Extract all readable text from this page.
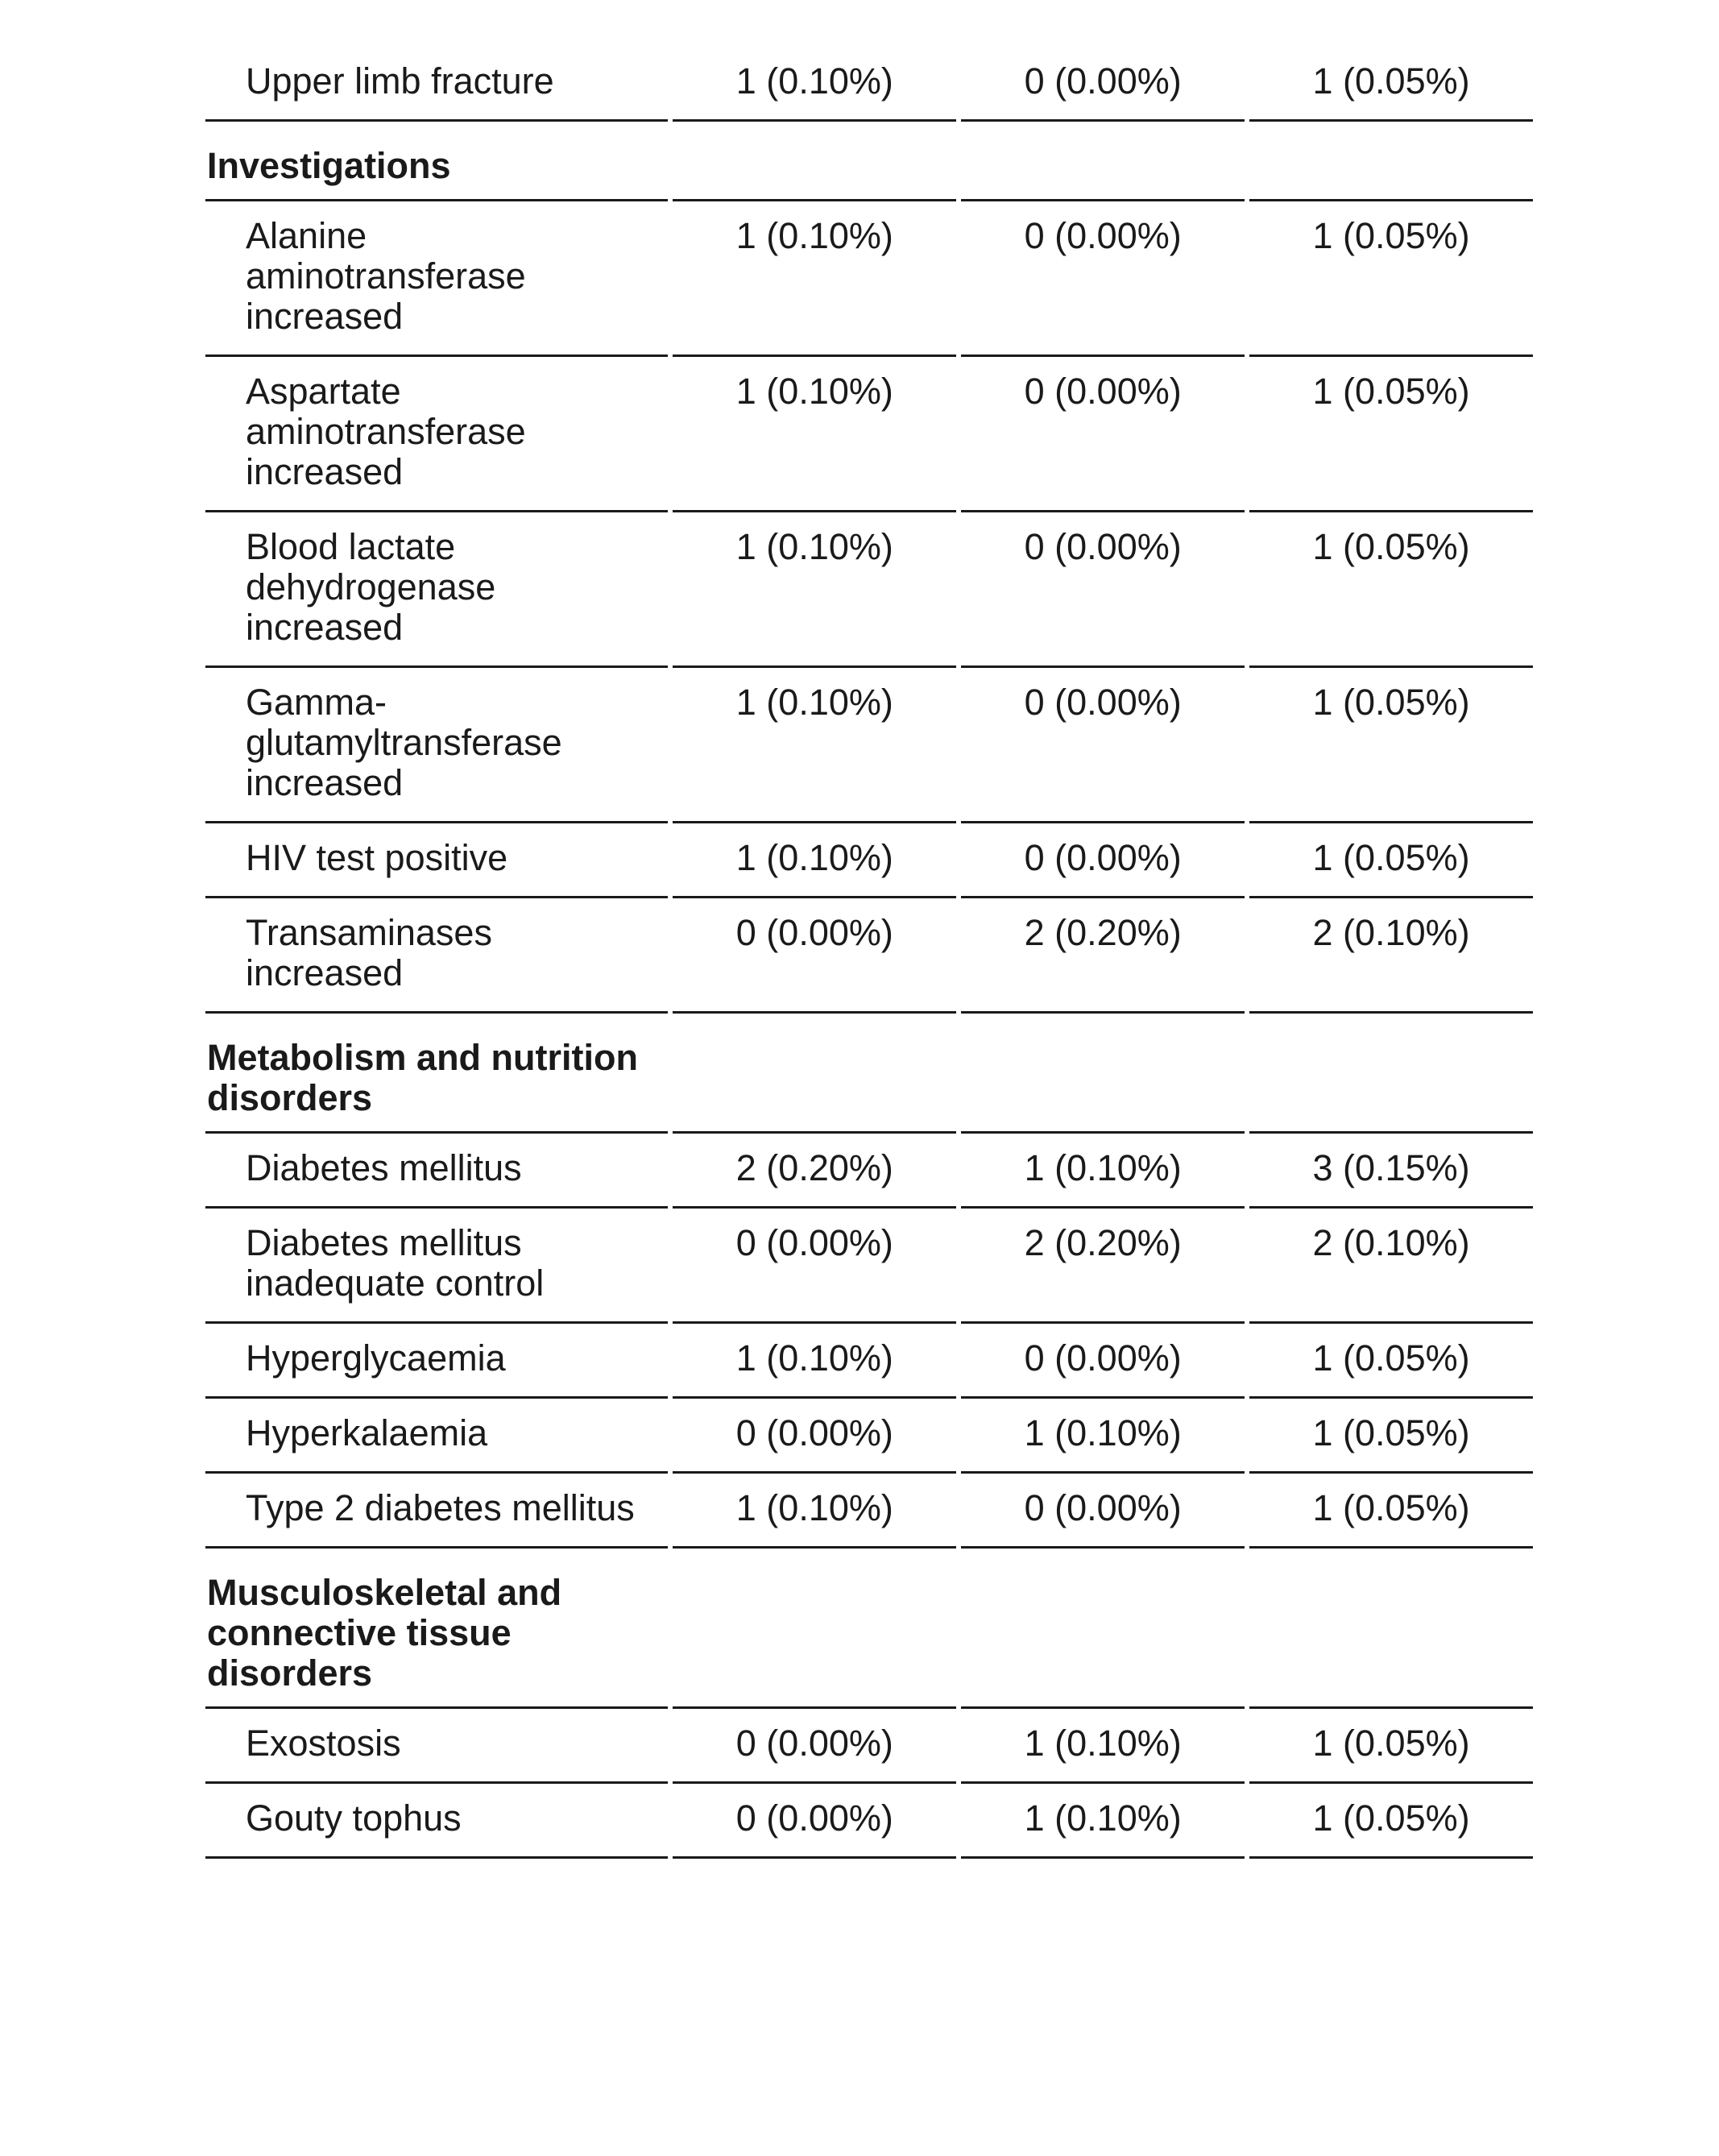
Upper limb fracture	1 (0.10%)	0 (0.00%)	1 (0.05%)
Investigations			
Alanine
aminotransferase
increased	1 (0.10%)	0 (0.00%)	1 (0.05%)
Aspartate
aminotransferase
increased	1 (0.10%)	0 (0.00%)	1 (0.05%)
Blood lactate
dehydrogenase
increased	1 (0.10%)	0 (0.00%)	1 (0.05%)
Gamma-
glutamyltransferase
increased	1 (0.10%)	0 (0.00%)	1 (0.05%)
HIV test positive	1 (0.10%)	0 (0.00%)	1 (0.05%)
Transaminases
increased	0 (0.00%)	2 (0.20%)	2 (0.10%)
Metabolism and nutrition
disorders			
Diabetes mellitus	2 (0.20%)	1 (0.10%)	3 (0.15%)
Diabetes mellitus
inadequate control	0 (0.00%)	2 (0.20%)	2 (0.10%)
Hyperglycaemia	1 (0.10%)	0 (0.00%)	1 (0.05%)
Hyperkalaemia	0 (0.00%)	1 (0.10%)	1 (0.05%)
Type 2 diabetes mellitus	1 (0.10%)	0 (0.00%)	1 (0.05%)
Musculoskeletal and
connective tissue
disorders			
Exostosis	0 (0.00%)	1 (0.10%)	1 (0.05%)
Gouty tophus	0 (0.00%)	1 (0.10%)	1 (0.05%)
